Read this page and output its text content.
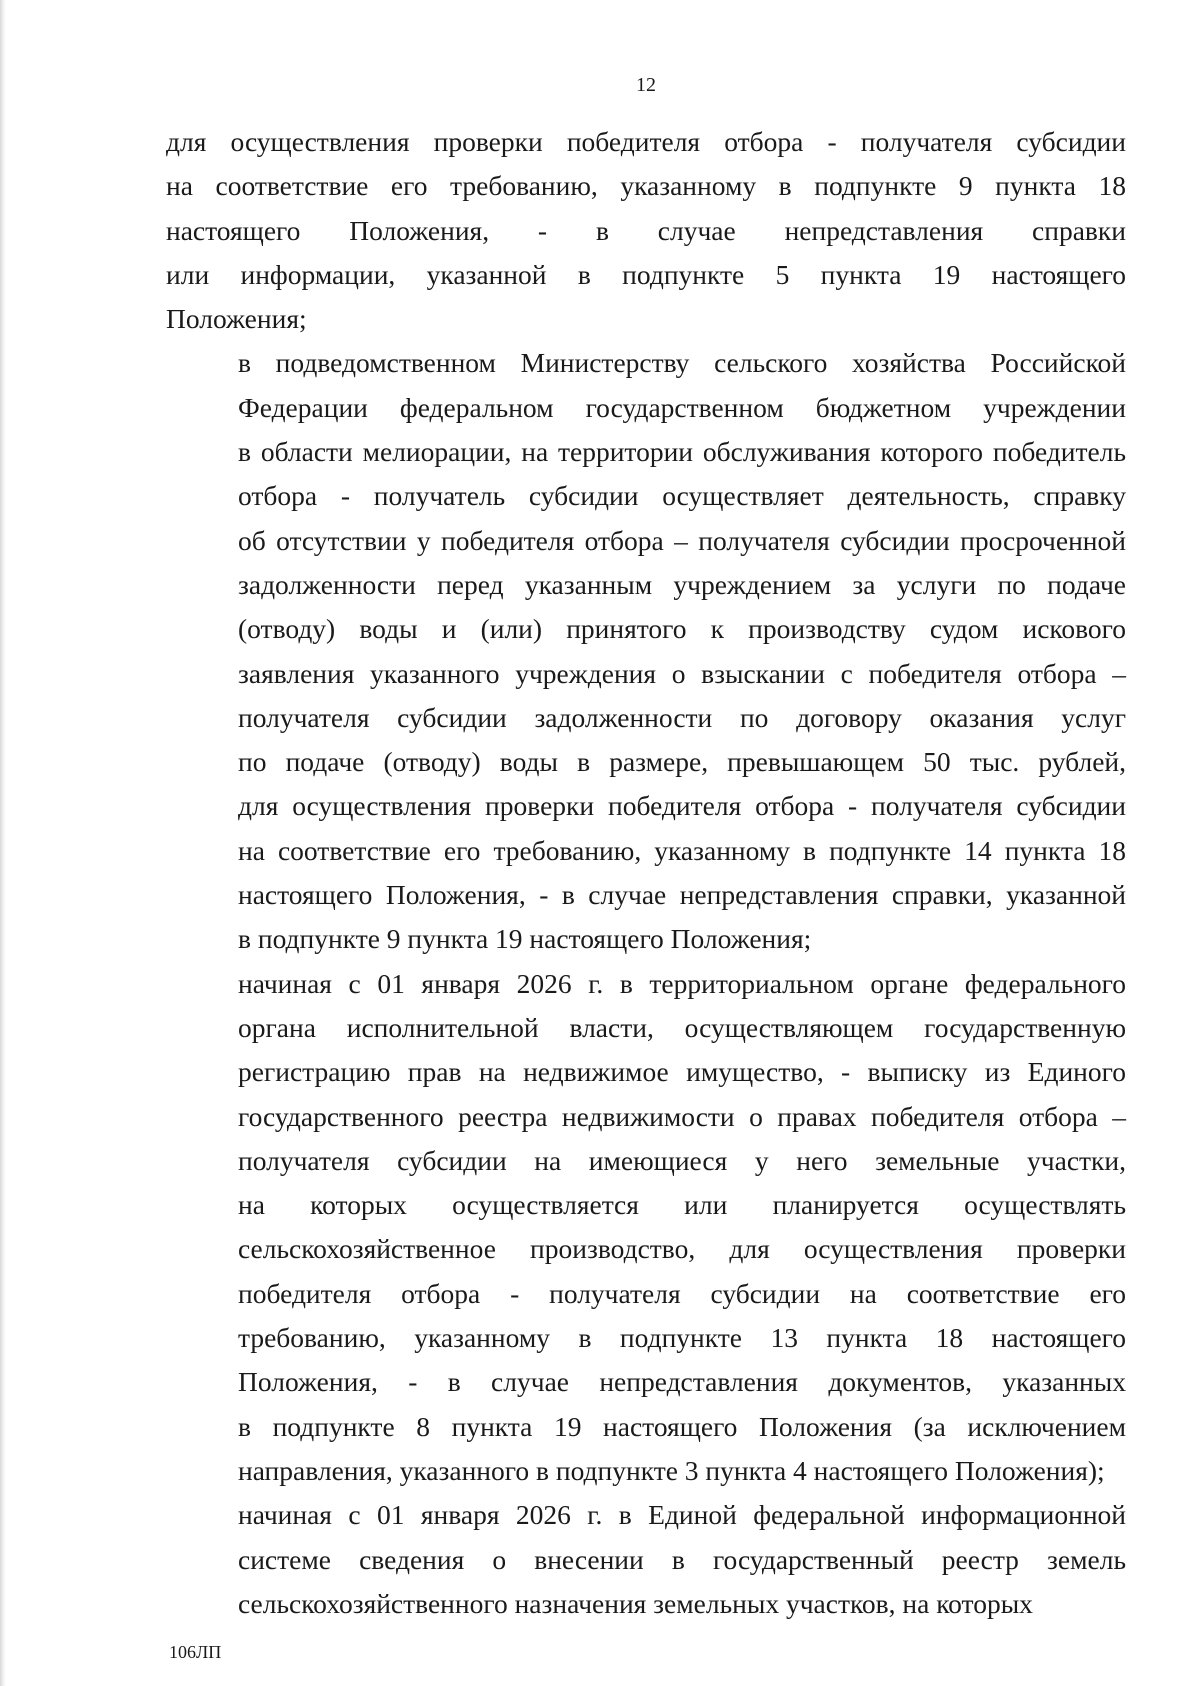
12
для осуществления проверки победителя отбора - получателя субсидии
на соответствие его требованию, указанному в подпункте 9 пункта 18
настоящего Положения, - в случае непредставления справки
или информации, указанной в подпункте 5 пункта 19 настоящего
Положения;
в подведомственном Министерству сельского хозяйства Российской
Федерации федеральном государственном бюджетном учреждении
в области мелиорации, на территории обслуживания которого победитель
отбора - получатель субсидии осуществляет деятельность, справку
об отсутствии у победителя отбора – получателя субсидии просроченной
задолженности перед указанным учреждением за услуги по подаче
(отводу) воды и (или) принятого к производству судом искового
заявления указанного учреждения о взыскании с победителя отбора –
получателя субсидии задолженности по договору оказания услуг
по подаче (отводу) воды в размере, превышающем 50 тыс. рублей,
для осуществления проверки победителя отбора - получателя субсидии
на соответствие его требованию, указанному в подпункте 14 пункта 18
настоящего Положения, - в случае непредставления справки, указанной
в подпункте 9 пункта 19 настоящего Положения;
начиная с 01 января 2026 г. в территориальном органе федерального
органа исполнительной власти, осуществляющем государственную
регистрацию прав на недвижимое имущество, - выписку из Единого
государственного реестра недвижимости о правах победителя отбора –
получателя субсидии на имеющиеся у него земельные участки,
на которых осуществляется или планируется осуществлять
сельскохозяйственное производство, для осуществления проверки
победителя отбора - получателя субсидии на соответствие его
требованию, указанному в подпункте 13 пункта 18 настоящего
Положения, - в случае непредставления документов, указанных
в подпункте 8 пункта 19 настоящего Положения (за исключением
направления, указанного в подпункте 3 пункта 4 настоящего Положения);
начиная с 01 января 2026 г. в Единой федеральной информационной
системе сведения о внесении в государственный реестр земель
сельскохозяйственного назначения земельных участков, на которых
106ЛП
